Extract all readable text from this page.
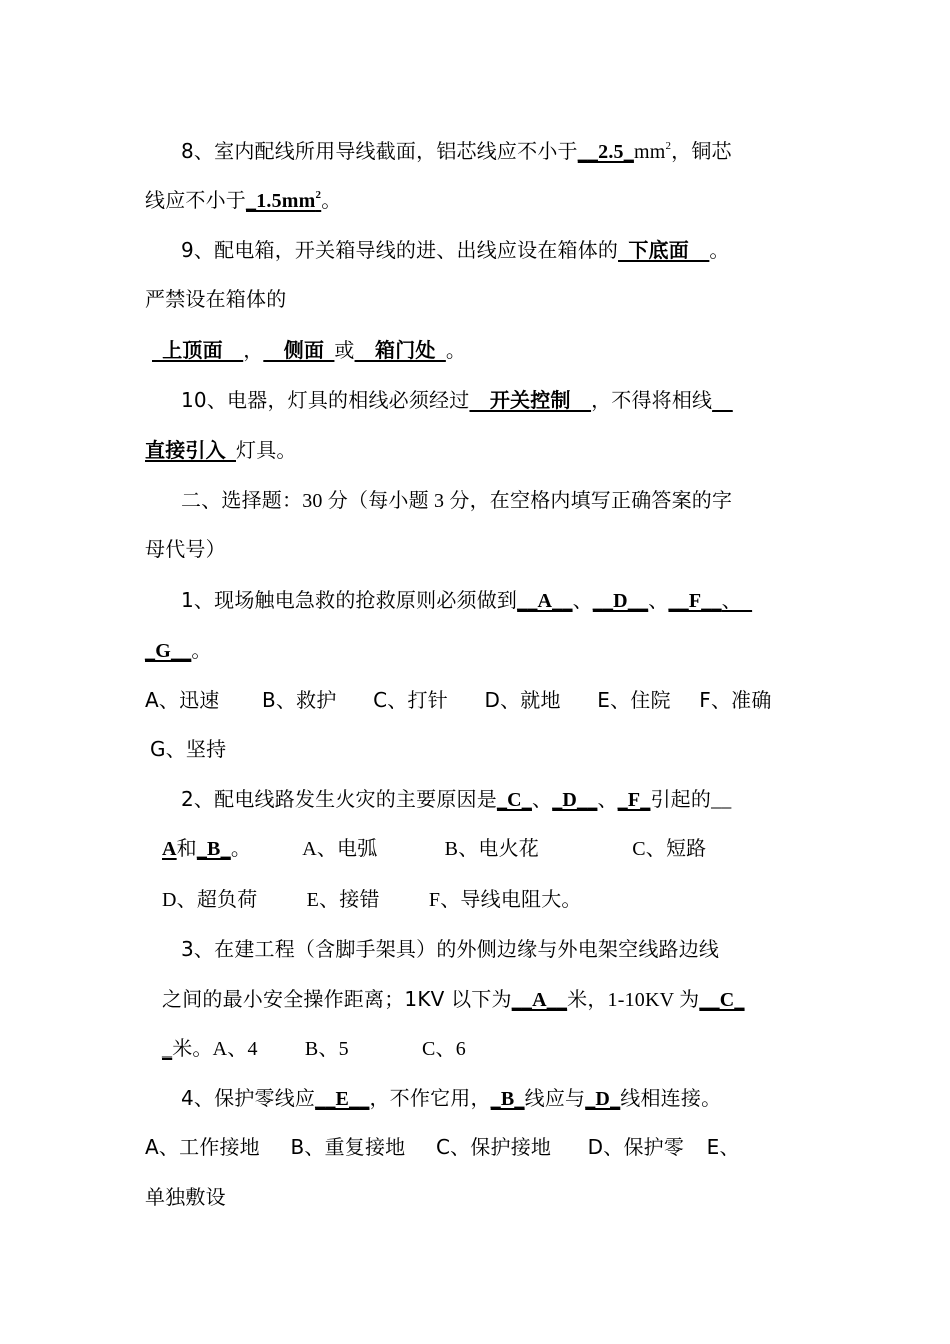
8、室内配线所用导线截面，铝芯线应不小于$\_\_2.5\_mm^2$，铜芯
线应不小于$\_1.5mm^2$。
9、配电箱，开关箱导线的进、出线应设在箱体的_下底面__。
严禁设在箱体的
_上顶面__，__侧面_或__箱门处_。
10、电器，灯具的相线必须经过__开关控制__，不得将相线__
直接引入_灯具。
二、选择题：30 分（每小题 3 分，在空格内填写正确答案的字
母代号）
1、现场触电急救的抢救原则必须做到__A__、__D__、__F__、_
_G__。
A、迅速 B、救护 C、打针 D、就地 E、住院 F、准确
G、坚持
2、配电线路发生火灾的主要原因是_C_、_D__、_F_引起的__
A和_B_。	A、电弧	B、电火花	C、短路
D、超负荷 E、接错 F、导线电阻大。
3、在建工程（含脚手架具）的外侧边缘与外电架空线路边线
之间的最小安全操作距离；1KV 以下为__A__米，1-10KV 为__C_
_米。A、4 B、5	C、6
4、保护零线应__E__，不作它用，_B_线应与_D_线相连接。
A、工作接地 B、重复接地 C、保护接地 D、保护零 E、
单独敷设
